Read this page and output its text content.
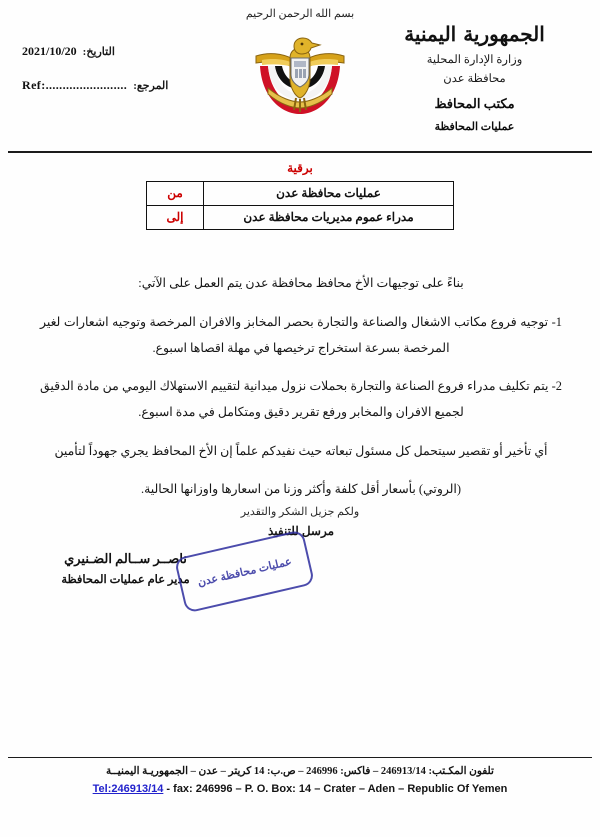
بسم الله الرحمن الرحيم
التاريخ:
2021/10/20
المرجع:
Ref:........................
الجمهورية اليمنية
وزارة الإدارة المحلية
محافظة عدن
مكتب المحافظ
عمليات المحافظة
برقية
عمليات محافظة عدن	من
مدراء عموم مديريات محافظة عدن	إلى

بناءً على توجيهات الأخ محافظ محافظة عدن يتم العمل على الآتي:

1- توجيه فروع مكاتب الاشغال والصناعة والتجارة بحصر المخابز والافران المرخصة وتوجيه اشعارات لغير المرخصة بسرعة استخراج ترخيصها في مهلة اقصاها اسبوع.

2- يتم تكليف مدراء فروع الصناعة والتجارة بحملات نزول ميدانية لتقييم الاستهلاك اليومي من مادة الدقيق لجميع الافران والمخابر ورفع تقرير دقيق ومتكامل في مدة اسبوع.

أي تأخير أو تقصير سيتحمل كل مسئول تبعاته حيث نفيدكم علماً إن الأخ المحافظ يجري جهوداً لتأمين

(الروتي) بأسعار أقل كلفة وأكثر وزنا من اسعارها واوزانها الحالية.

مرسل للتنفيذ

ولكم جزيل الشكر والتقدير
ناصــر ســالم الضـنيري
مدير عام عمليات المحافظة عمليات محافظة عدن
تلفون المكـتب: 246913/14 – فاكس: 246996 – ص.ب: 14 كريتر – عدن – الجمهوريـة اليمنيــة
Tel:246913/14 - fax: 246996 – P. O. Box: 14 – Crater – Aden – Republic Of Yemen
